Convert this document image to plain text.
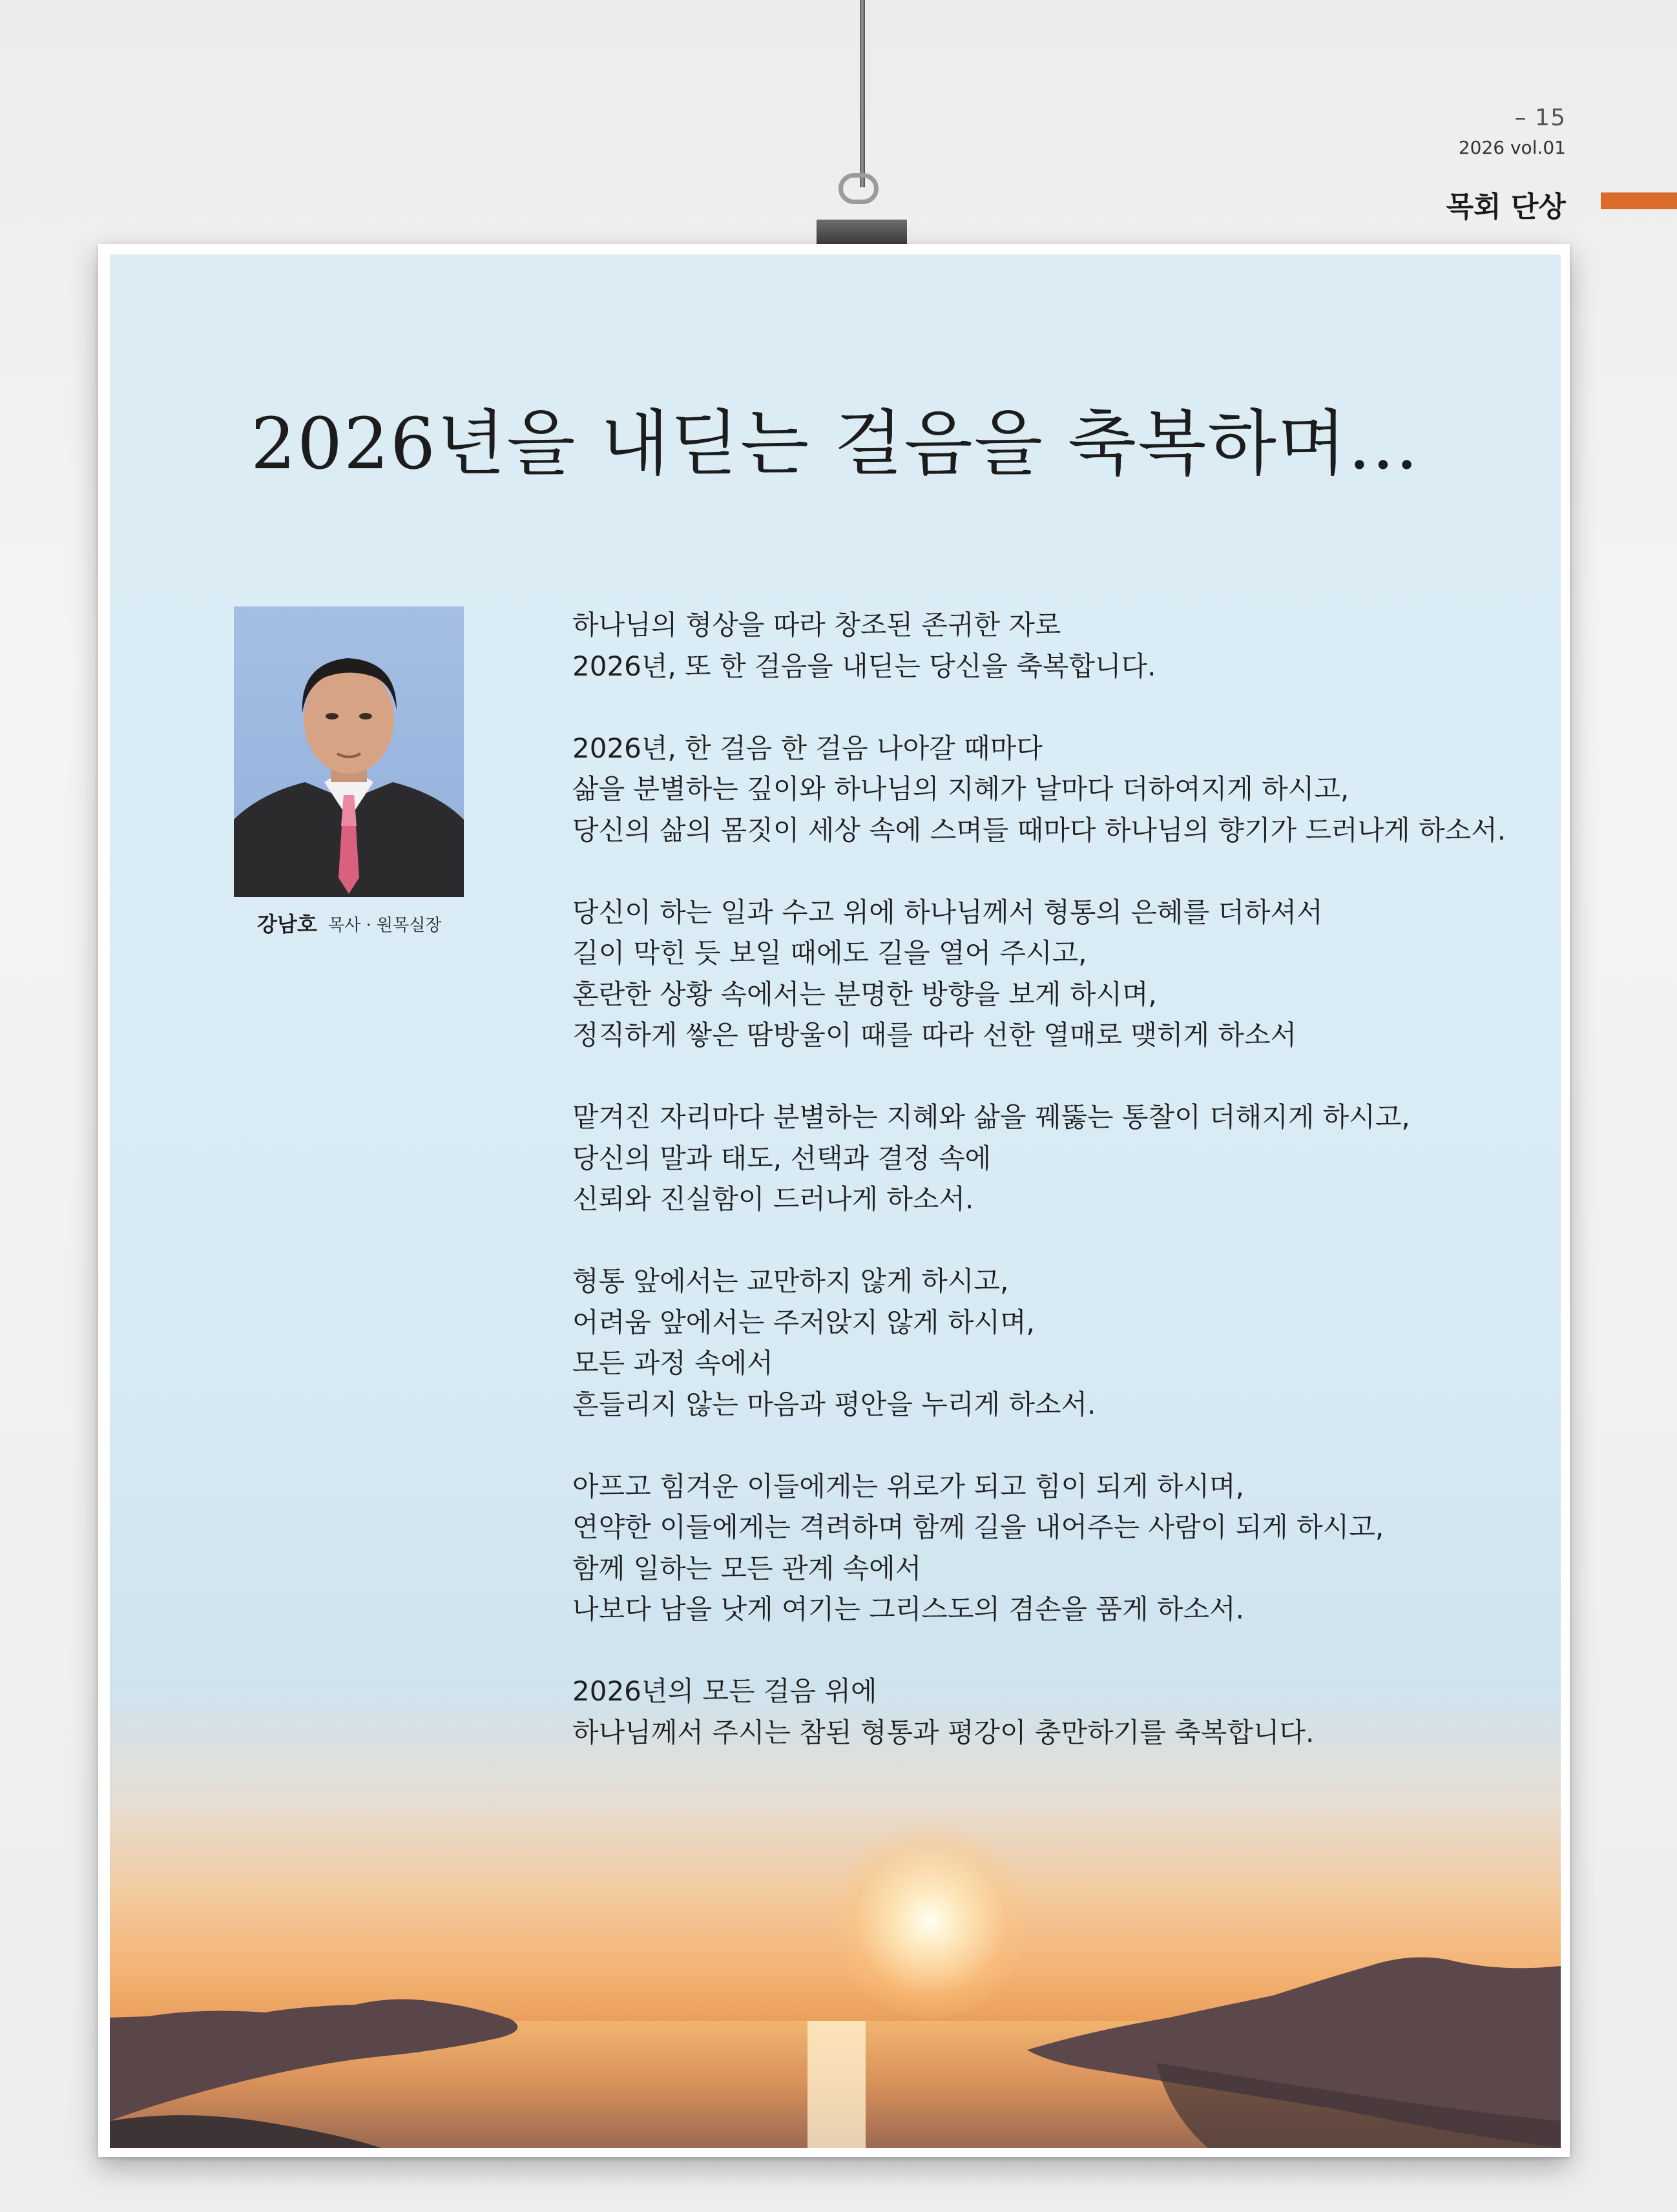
– 15
2026 vol.01
목회 단상
2026년을 내딛는 걸음을 축복하며…
강남호 목사 · 원목실장
하나님의 형상을 따라 창조된 존귀한 자로
2026년, 또 한 걸음을 내딛는 당신을 축복합니다.
2026년, 한 걸음 한 걸음 나아갈 때마다
삶을 분별하는 깊이와 하나님의 지혜가 날마다 더하여지게 하시고,
당신의 삶의 몸짓이 세상 속에 스며들 때마다 하나님의 향기가 드러나게 하소서.
당신이 하는 일과 수고 위에 하나님께서 형통의 은혜를 더하셔서
길이 막힌 듯 보일 때에도 길을 열어 주시고,
혼란한 상황 속에서는 분명한 방향을 보게 하시며,
정직하게 쌓은 땀방울이 때를 따라 선한 열매로 맺히게 하소서
맡겨진 자리마다 분별하는 지혜와 삶을 꿰뚫는 통찰이 더해지게 하시고,
당신의 말과 태도, 선택과 결정 속에
신뢰와 진실함이 드러나게 하소서.
형통 앞에서는 교만하지 않게 하시고,
어려움 앞에서는 주저앉지 않게 하시며,
모든 과정 속에서
흔들리지 않는 마음과 평안을 누리게 하소서.
아프고 힘겨운 이들에게는 위로가 되고 힘이 되게 하시며,
연약한 이들에게는 격려하며 함께 길을 내어주는 사람이 되게 하시고,
함께 일하는 모든 관계 속에서
나보다 남을 낫게 여기는 그리스도의 겸손을 품게 하소서.
2026년의 모든 걸음 위에
하나님께서 주시는 참된 형통과 평강이 충만하기를 축복합니다.
